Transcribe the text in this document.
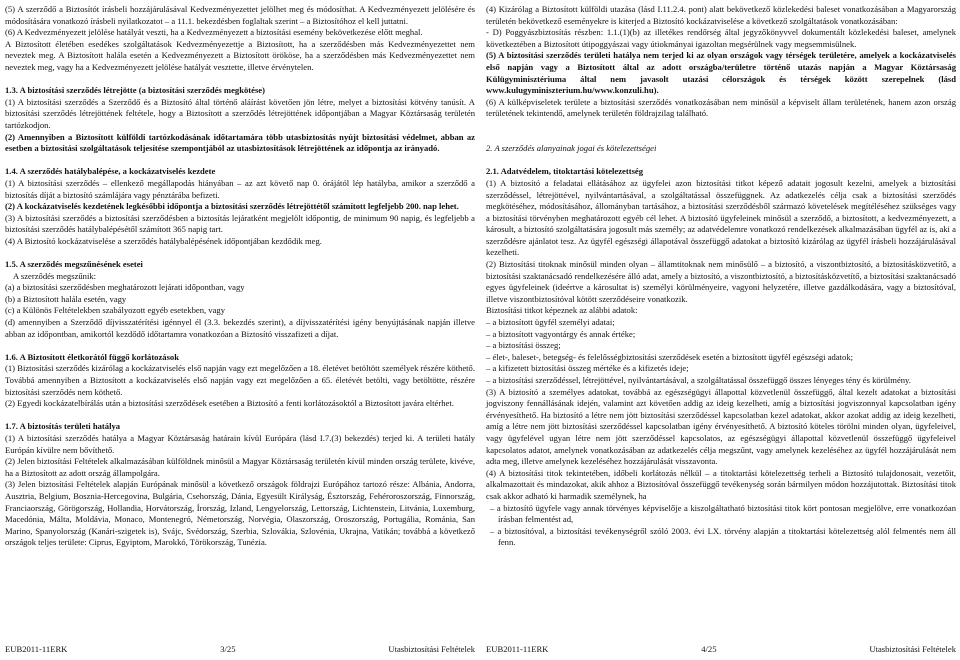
(5) A szerződő a Biztosítót írásbeli hozzájárulásával Kedvezményezettet jelölhet meg és módosíthat. A Kedvezményezett jelölésére és módosítására vonatkozó írásbeli nyilatkozatot – a 11.1. bekezdésben foglaltak szerint – a Biztosítóhoz el kell juttatni.

(6) A Kedvezményezett jelölése hatályát veszti, ha a Kedvezményezett a biztosítási esemény bekövetkezése előtt meghal.

A Biztosított életében esedékes szolgáltatások Kedvezményezettje a Biztosított, ha a szerződésben más Kedvezményezettet nem neveztek meg. A Biztosított halála esetén a Kedvezményezett a Biztosított örököse, ha a szerződésben más Kedvezményezettet nem neveztek meg, vagy ha a Kedvezményezett jelölése hatályát vesztette, illetve érvénytelen.

1.3. A biztosítási szerződés létrejötte (a biztosítási szerződés megkötése)

(1) A biztosítási szerződés a Szerződő és a Biztosító által történő aláírást követően jön létre, melyet a biztosítási kötvény tanúsít. A biztosítási szerződés létrejöttének feltétele, hogy a Biztosított a szerződés létrejöttének időpontjában a Magyar Köztársaság területén tartózkodjon.

(2) Amennyiben a Biztosított külföldi tartózkodásának időtartamára több utasbiztosítás nyújt biztosítási védelmet, abban az esetben a biztosítási szolgáltatások teljesítése szempontjából az utasbiztosítások létrejöttének az időpontja az irányadó.

1.4. A szerződés hatálybalépése, a kockázatviselés kezdete

(1) A biztosítási szerződés – ellenkező megállapodás hiányában – az azt követő nap 0. órájától lép hatályba, amikor a szerződő a biztosítás díját a biztosító számlájára vagy pénztárába befizeti.

(2) A kockázatviselés kezdetének legkésőbbi időpontja a biztosítási szerződés létrejöttétől számított legfeljebb 200. nap lehet.

(3) A biztosítási szerződés a biztosítási szerződésben a biztosítás lejáratként megjelölt időpontig, de minimum 90 napig, és legfeljebb a biztosítási szerződés hatálybalépésétől számított 365 napig tart.

(4) A Biztosító kockázatviselése a szerződés hatálybalépésének időpontjában kezdődik meg.

1.5. A szerződés megszűnésének esetei

A szerződés megszűnik:

(a) a biztosítási szerződésben meghatározott lejárati időpontban, vagy

(b) a Biztosított halála esetén, vagy

(c) a Különös Feltételekben szabályozott egyéb esetekben, vagy

(d) amennyiben a Szerződő díjvisszatérítési igénnyel él (3.3. bekezdés szerint), a díjvisszatérítési igény benyújtásának napján illetve abban az időpontban, amikortól kezdődő időtartamra vonatkozóan a Biztosító visszafizeti a díjat.

1.6. A Biztosított életkorától függő korlátozások

(1) Biztosítási szerződés kizárólag a kockázatviselés első napján vagy ezt megelőzően a 18. életévet betöltött személyek részére köthető. Továbbá amennyiben a Biztosított a kockázatviselés első napján vagy ezt megelőzően a 65. életévét betölti, vagy betöltötte, részére biztosítási szerződés nem köthető.

(2) Egyedi kockázatelbírálás után a biztosítási szerződések esetében a Biztosító a fenti korlátozásoktól a Biztosított javára eltérhet.

1.7. A biztosítás területi hatálya

(1) A biztosítási szerződés hatálya a Magyar Köztársaság határain kívül Európára (lásd I.7.(3) bekezdés) terjed ki. A területi hatály Európán kívülre nem bővíthető.

(2) Jelen biztosítási Feltételek alkalmazásában külföldnek minősül a Magyar Köztársaság területén kívül minden ország területe, kivéve, ha a Biztosított az adott ország állampolgára.

(3) Jelen biztosítási Feltételek alapján Európának minősül a következő országok földrajzi Európához tartozó része: Albánia, Andorra, Ausztria, Belgium, Bosznia-Hercegovina, Bulgária, Csehország, Dánia, Egyesült Királyság, Észtország, Fehéroroszország, Finnország, Franciaország, Görögország, Hollandia, Horvátország, Írország, Izland, Lengyelország, Lettország, Lichtenstein, Litvánia, Luxemburg, Macedónia, Málta, Moldávia, Monaco, Montenegró, Németország, Norvégia, Olaszország, Oroszország, Portugália, Románia, San Marino, Spanyolország (Kanári-szigetek is), Svájc, Svédország, Szerbia, Szlovákia, Szlovénia, Ukrajna, Vatikán; továbbá a következő országok teljes területe: Ciprus, Egyiptom, Marokkó, Törökország, Tunézia.

(4) Kizárólag a Biztosított külföldi utazása (lásd I.11.2.4. pont) alatt bekövetkező közlekedési baleset vonatkozásában a Magyarország területén bekövetkező eseményekre is kiterjed a Biztosító kockázatviselése a következő szolgáltatások vonatkozásában:

- D) Poggyászbiztosítás részben: 1.1.(1)(b) az illetékes rendőrség által jegyzőkönyvvel dokumentált közlekedési baleset, amelynek következtében a Biztosított útipoggyászai vagy útiokmányai igazoltan megsérülnek vagy megsemmisülnek.

(5) A biztosítási szerződés területi hatálya nem terjed ki az olyan országok vagy térségek területére, amelyek a kockázatviselés első napján vagy a Biztosított által az adott országba/területre történő utazás napján a Magyar Köztársaság Külügyminisztériuma által nem javasolt utazási célországok és térségek között szerepelnek (lásd www.kulugyminiszterium.hu/www.konzuli.hu).

(6) A külképviseletek területe a biztosítási szerződés vonatkozásában nem minősül a képviselt állam területének, hanem azon ország területének tekintendő, amelynek területén földrajzilag található.

2. A szerződés alanyainak jogai és kötelezettségei

2.1. Adatvédelem, titoktartási kötelezettség

(1) A biztosító a feladatai ellátásához az ügyfelei azon biztosítási titkot képező adatait jogosult kezelni, amelyek a biztosítási szerződéssel, létrejöttével, nyilvántartásával, a szolgáltatással összefüggnek. Az adatkezelés célja csak a biztosítási szerződés megkötéséhez, módosításához, állományban tartásához, a biztosítási szerződésből származó követelések megítéléséhez szükséges vagy a biztosítási törvényben meghatározott egyéb cél lehet. A biztosító ügyfeleinek minősül a szerződő, a biztosított, a kedvezményezett, a károsult, a biztosító szolgáltatására jogosult más személy; az adatvédelemre vonatkozó rendelkezések alkalmazásában ügyfél az is, aki a szerződésre ajánlatot tesz. Az ügyfél egészségi állapotával összefüggő adatokat a biztosító kizárólag az ügyfél írásbeli hozzájárulásával kezelheti.

(2) Biztosítási titoknak minősül minden olyan – államtitoknak nem minősülő – a biztosító, a viszontbiztosító, a biztosításközvetítő, a biztosítási szaktanácsadó rendelkezésére álló adat, amely a biztosító, a viszontbiztosító, a biztosításközvetítő, a biztosítási szaktanácsadó egyes ügyfeleinek (ideértve a károsultat is) személyi körülményeire, vagyoni helyzetére, illetve gazdálkodására, vagy a biztosítóval, illetve viszontbiztosítóval kötött szerződéseire vonatkozik.

Biztosítási titkot képeznek az alábbi adatok:

– a biztosított ügyfél személyi adatai;

– a biztosított vagyontárgy és annak értéke;

– a biztosítási összeg;

– élet-, baleset-, betegség- és felelősségbiztosítási szerződések esetén a biztosított ügyfél egészségi adatok;

– a kifizetett biztosítási összeg mértéke és a kifizetés ideje;

– a biztosítási szerződéssel, létrejöttével, nyilvántartásával, a szolgáltatással összefüggő összes lényeges tény és körülmény.

(3) A biztosító a személyes adatokat, továbbá az egészségügyi állapottal közvetlenül összefüggő, által kezelt adatokat a biztosítási jogviszony fennállásának idején, valamint azt követően addig az ideig kezelheti, amíg a biztosítási jogviszonnyal kapcsolatban igény érvényesíthető. Ha biztosító a létre nem jött biztosítási szerződéssel kapcsolatban kezel adatokat, akkor azokat addig az ideig kezelheti, amíg a létre nem jött biztosítási szerződéssel kapcsolatban igény érvényesíthető. A biztosító köteles törölni minden olyan, ügyfeleivel, vagy ügyfelével ugyan létre nem jött szerződéssel kapcsolatos, az egészségügyi állapottal közvetlenül összefüggő ügyfeleivel kapcsolatos adatot, amelynek vonatkozásában az adatkezelés célja megszűnt, vagy amelynek kezeléséhez az ügyfél hozzájárulását nem adta meg, illetve amelynek kezeléséhez hozzájárulását visszavonta.

(4) A biztosítási titok tekintetében, időbeli korlátozás nélkül – a titoktartási kötelezettség terheli a Biztosító tulajdonosait, vezetőit, alkalmazottait és mindazokat, akik ahhoz a Biztosítóval összefüggő tevékenység során bármilyen módon hozzájutottak. Biztosítási titok csak akkor adható ki harmadik személynek, ha

– a biztosító ügyfele vagy annak törvényes képviselője a kiszolgáltatható biztosítási titok kört pontosan megjelölve, erre vonatkozóan írásban felmentést ad,

– a biztosítóval, a biztosítási tevékenységről szóló 2003. évi LX. törvény alapján a titoktartási kötelezettség alól felmentés nem áll fenn.

EUB2011-11ERK	3/25	Utasbiztosítási Feltételek EUB2011-11ERK	4/25	Utasbiztosítási Feltételek
